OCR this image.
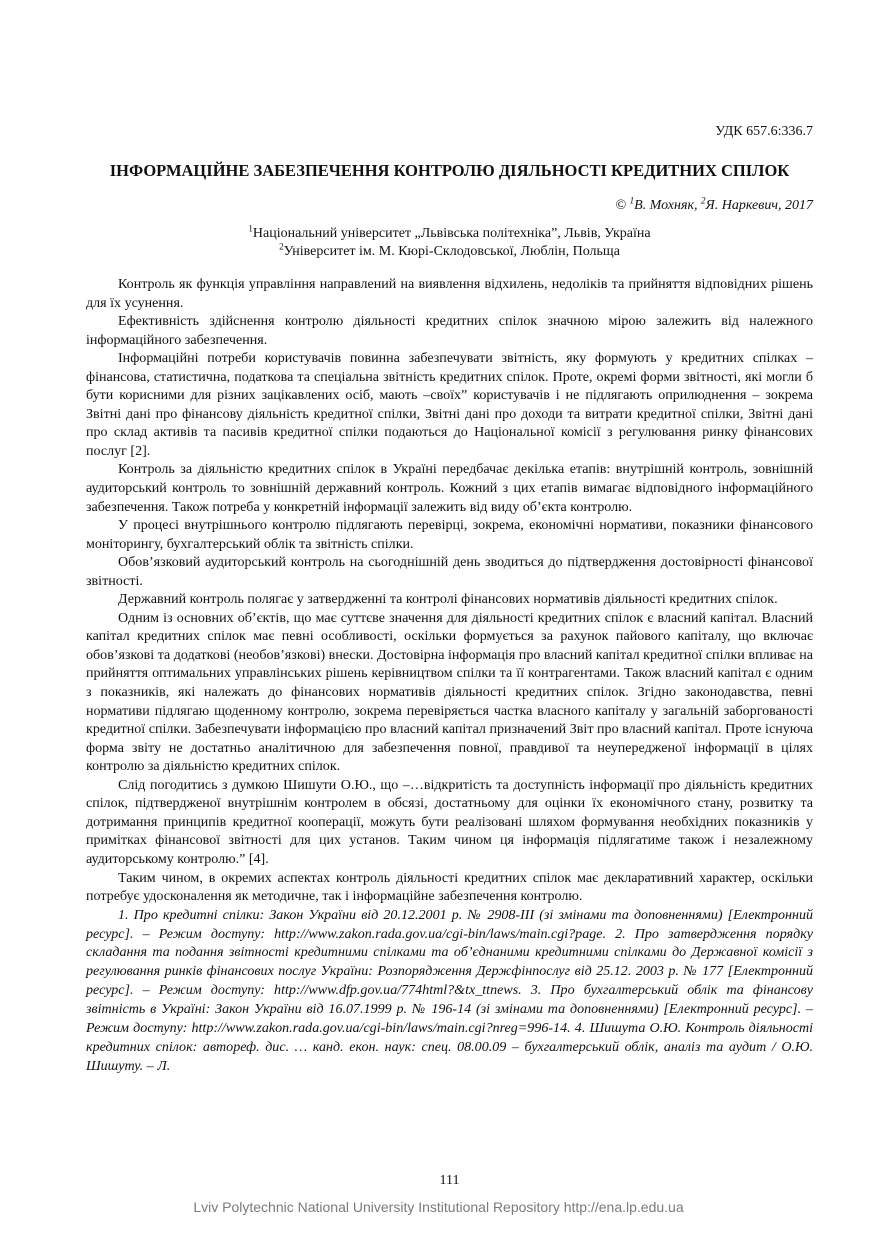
УДК 657.6:336.7
ІНФОРМАЦІЙНЕ ЗАБЕЗПЕЧЕННЯ КОНТРОЛЮ ДІЯЛЬНОСТІ КРЕДИТНИХ СПІЛОК
© $^1$В. Мохняк, $^2$Я. Наркевич, 2017
$^1$Національний університет „Львівська політехніка”, Львів, Україна
$^2$Університет ім. М. Кюрі-Склодовської, Люблін, Польща

Контроль як функція управління направлений на виявлення відхилень, недоліків та прийняття відповідних рішень для їх усунення.

Ефективність здійснення контролю діяльності кредитних спілок значною мірою залежить від належного інформаційного забезпечення.

Інформаційні потреби користувачів повинна забезпечувати звітність, яку формують у кредитних спілках – фінансова, статистична, податкова та спеціальна звітність кредитних спілок. Проте, окремі форми звітності, які могли б бути корисними для різних зацікавлених осіб, мають –своїх” користувачів і не підлягають оприлюднення – зокрема Звітні дані про фінансову діяльність кредитної спілки, Звітні дані про доходи та витрати кредитної спілки, Звітні дані про склад активів та пасивів кредитної спілки подаються до Національної комісії з регулювання ринку фінансових послуг [2].

Контроль за діяльністю кредитних спілок в Україні передбачає декілька етапів: внутрішній контроль, зовнішній аудиторський контроль то зовнішній державний контроль. Кожний з цих етапів вимагає відповідного інформаційного забезпечення. Також потреба у конкретній інформації залежить від виду об’єкта контролю.

У процесі внутрішнього контролю підлягають перевірці, зокрема, економічні нормативи, показники фінансового моніторингу, бухгалтерський облік та звітність спілки.

Обов’язковий аудиторський контроль на сьогоднішній день зводиться до підтвердження достовірності фінансової звітності.

Державний контроль полягає у затвердженні та контролі фінансових нормативів діяльності кредитних спілок.

Одним із основних об’єктів, що має суттєве значення для діяльності кредитних спілок є власний капітал. Власний капітал кредитних спілок має певні особливості, оскільки формується за рахунок пайового капіталу, що включає обов’язкові та додаткові (необов’язкові) внески. Достовірна інформація про власний капітал кредитної спілки впливає на прийняття оптимальних управлінських рішень керівництвом спілки та її контрагентами. Також власний капітал є одним з показників, які належать до фінансових нормативів діяльності кредитних спілок. Згідно законодавства, певні нормативи підлягаю щоденному контролю, зокрема перевіряється частка власного капіталу у загальній заборгованості кредитної спілки. Забезпечувати інформацією про власний капітал призначений Звіт про власний капітал. Проте існуюча форма звіту не достатньо аналітичною для забезпечення повної, правдивої та неупередженої інформації в цілях контролю за діяльністю кредитних спілок.

Слід погодитись з думкою Шишути О.Ю., що –…відкритість та доступність інформації про діяльність кредитних спілок, підтвердженої внутрішнім контролем в обсязі, достатньому для оцінки їх економічного стану, розвитку та дотримання принципів кредитної кооперації, можуть бути реалізовані шляхом формування необхідних показників у примітках фінансової звітності для цих установ. Таким чином ця інформація підлягатиме також і незалежному аудиторському контролю.” [4].

Таким чином, в окремих аспектах контроль діяльності кредитних спілок має декларативний характер, оскільки потребує удосконалення як методичне, так і інформаційне забезпечення контролю.

1. Про кредитні спілки: Закон України від 20.12.2001 р. № 2908-ІІІ (зі змінами та доповненнями) [Електронний ресурс]. – Режим доступу: http://www.zakon.rada.gov.ua/cgi-bin/laws/main.cgi?page. 2. Про затвердження порядку складання та подання звітності кредитними спілками та об’єднаними кредитними спілками до Державної комісії з регулювання ринків фінансових послуг України: Розпорядження Держфінпослуг від 25.12. 2003 р. № 177 [Електронний ресурс]. – Режим доступу: http://www.dfp.gov.ua/774html?&tx_ttnews. 3. Про бухгалтерський облік та фінансову звітність в Україні: Закон України від 16.07.1999 р. № 196-14 (зі змінами та доповненнями) [Електронний ресурс]. – Режим доступу: http://www.zakon.rada.gov.ua/cgi-bin/laws/main.cgi?nreg=996-14. 4. Шишута О.Ю. Контроль діяльності кредитних спілок: автореф. дис. … канд. екон. наук: спец. 08.00.09 – бухгалтерський облік, аналіз та аудит / О.Ю. Шишуту. – Л.

111
Lviv Polytechnic National University Institutional Repository http://ena.lp.edu.ua
